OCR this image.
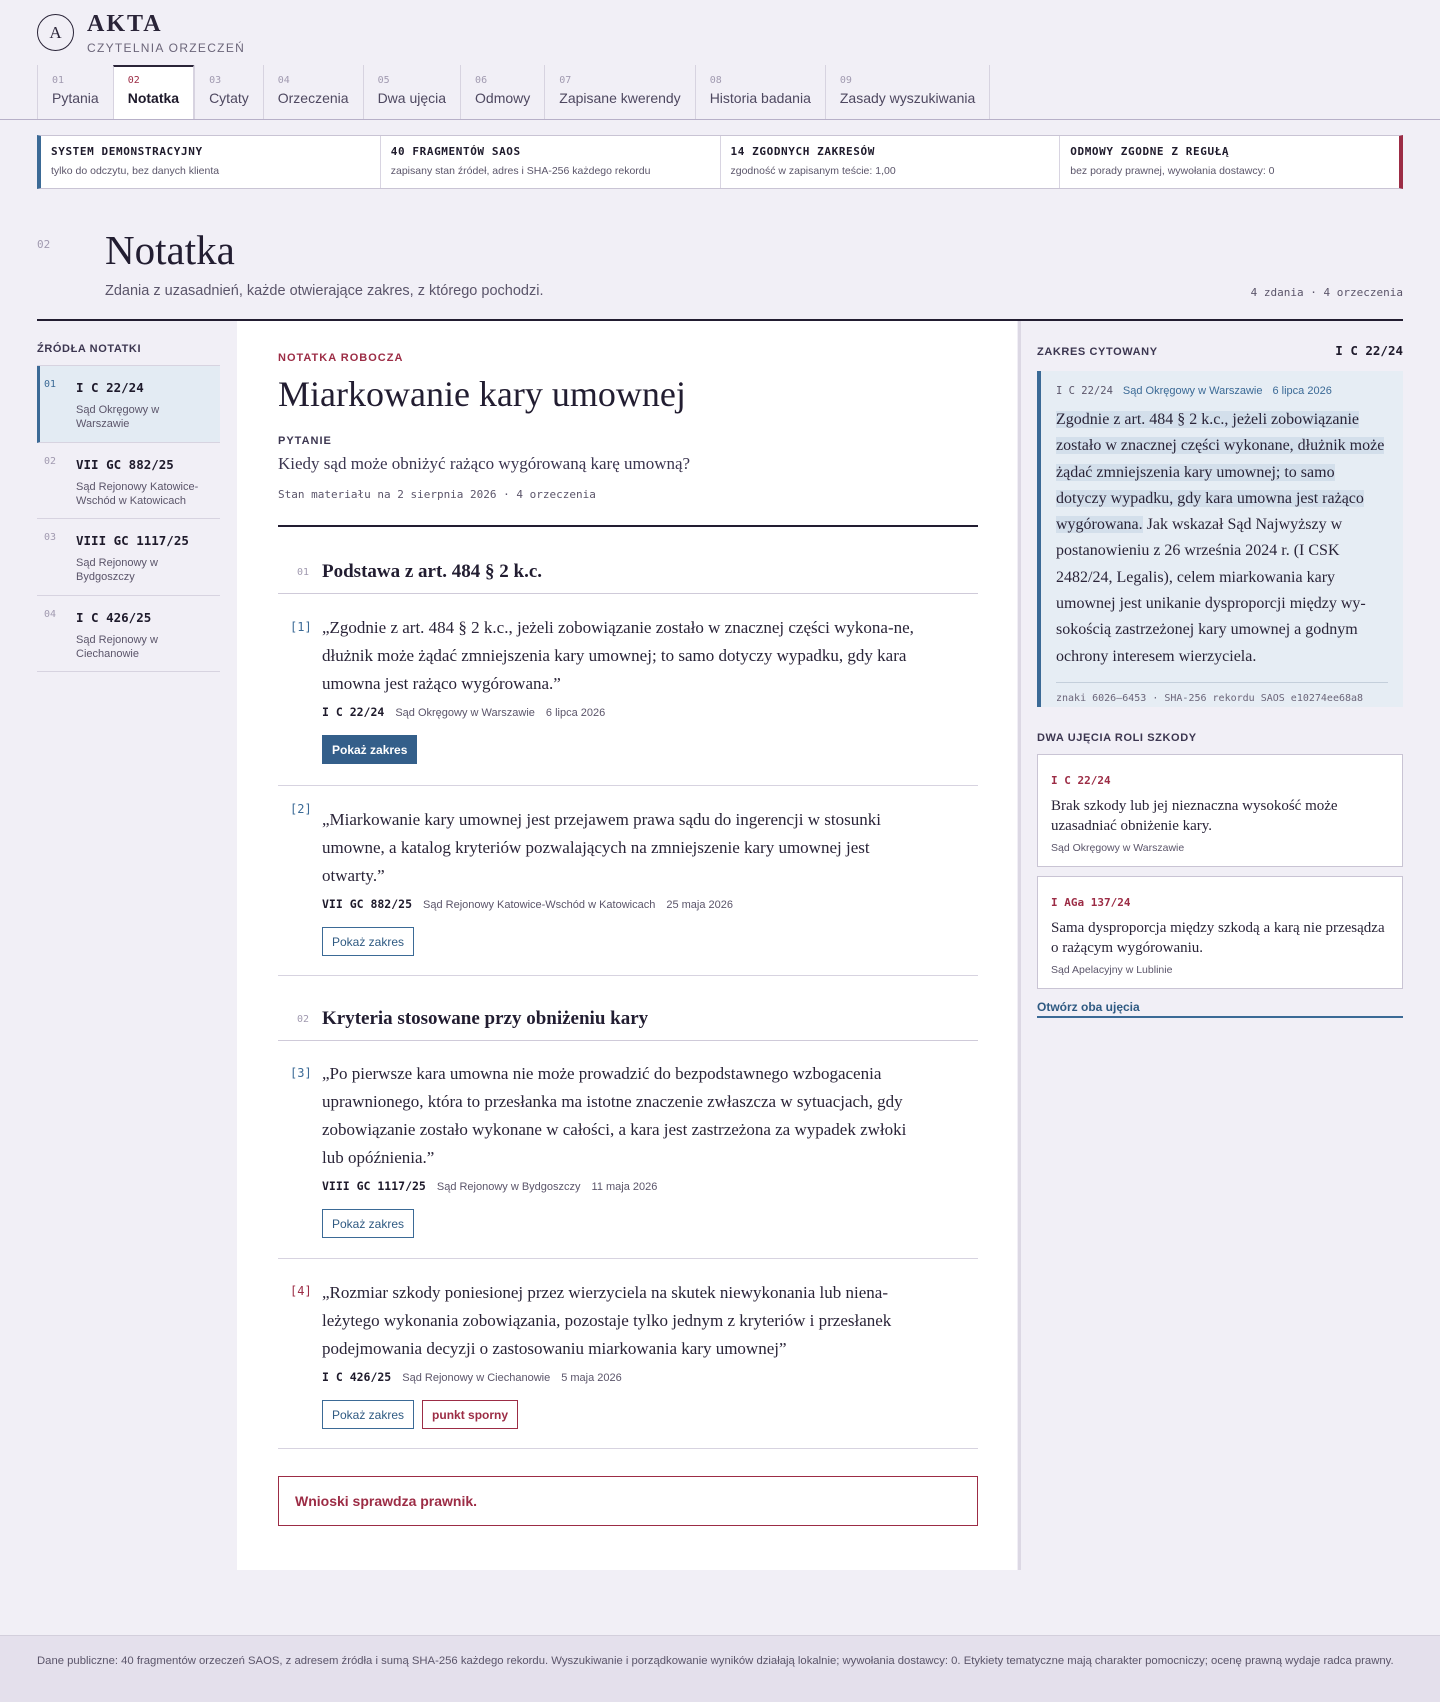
A	AKTA
CZYTELNIA ORZECZEŃ
01
Pytania
02
Notatka
03
Cytaty
04
Orzeczenia
05
Dwa ujęcia
06
Odmowy
07
Zapisane kwerendy
08
Historia badania
09
Zasady wyszukiwania
SYSTEM DEMONSTRACYJNY
tylko do odczytu, bez danych klienta
40 FRAGMENTÓW SAOS
zapisany stan źródeł, adres i SHA-256 każdego rekordu
14 ZGODNYCH ZAKRESÓW
zgodność w zapisanym teście: 1,00
ODMOWY ZGODNE Z REGUŁĄ
bez porady prawnej, wywołania dostawcy: 0
02 Notatka
Zdania z uzasadnień, każde otwierające zakres, z którego pochodzi.	4 zdania · 4 orzeczenia
ŹRÓDŁA NOTATKI
01 I C 22/24
Sąd Okręgowy w Warszawie
02 VII GC 882/25
Sąd Rejonowy Katowice-Wschód w Katowicach
03 VIII GC 1117/25
Sąd Rejonowy w Bydgoszczy
04 I C 426/25
Sąd Rejonowy w Ciechanowie
NOTATKA ROBOCZA
Miarkowanie kary umownej
PYTANIE
Kiedy sąd może obniżyć rażąco wygórowaną karę umowną?
Stan materiału na 2 sierpnia 2026 · 4 orzeczenia
01 Podstawa z art. 484 § 2 k.c.
[1] „Zgodnie z art. 484 § 2 k.c., jeżeli zobowiązanie zostało w znacznej części wykona-ne, dłużnik może żądać zmniejszenia kary umownej; to samo dotyczy wypadku, gdy kara umowna jest rażąco wygórowana.”
I C 22/24 Sąd Okręgowy w Warszawie 6 lipca 2026
Pokaż zakres
[2]
„Miarkowanie kary umownej jest przejawem prawa sądu do ingerencji w stosunki umowne, a katalog kryteriów pozwalających na zmniejszenie kary umownej jest otwarty.”
VII GC 882/25 Sąd Rejonowy Katowice-Wschód w Katowicach 25 maja 2026
Pokaż zakres
02 Kryteria stosowane przy obniżeniu kary
[3] „Po pierwsze kara umowna nie może prowadzić do bezpodstawnego wzbogacenia uprawnionego, która to przesłanka ma istotne znaczenie zwłaszcza w sytuacjach, gdy zobowiązanie zostało wykonane w całości, a kara jest zastrzeżona za wypadek zwłoki lub opóźnienia.”
VIII GC 1117/25 Sąd Rejonowy w Bydgoszczy 11 maja 2026
Pokaż zakres
[4] „Rozmiar szkody poniesionej przez wierzyciela na skutek niewykonania lub niena-leżytego wykonania zobowiązania, pozostaje tylko jednym z kryteriów i przesłanek podejmowania decyzji o zastosowaniu miarkowania kary umownej”
I C 426/25 Sąd Rejonowy w Ciechanowie 5 maja 2026
Pokaż zakres	punkt sporny
Wnioski sprawdza prawnik.
ZAKRES CYTOWANY	I C 22/24
I C 22/24 Sąd Okręgowy w Warszawie 6 lipca 2026
Zgodnie z art. 484 § 2 k.c., jeżeli zobowiązanie zostało w znacznej części wykonane, dłużnik może żądać zmniejszenia kary umownej; to samo dotyczy wypadku, gdy kara umowna jest rażąco wygórowana. Jak wskazał Sąd Najwyższy w postanowieniu z 26 września 2024 r. (I CSK 2482/24, Legalis), celem miarkowania kary umownej jest unikanie dysproporcji między wy-sokością zastrzeżonej kary umownej a godnym ochrony interesem wierzyciela.
znaki 6026–6453 · SHA-256 rekordu SAOS e10274ee68a8
DWA UJĘCIA ROLI SZKODY
I C 22/24
Brak szkody lub jej nieznaczna wysokość może uzasadniać obniżenie kary.
Sąd Okręgowy w Warszawie
I AGa 137/24
Sama dysproporcja między szkodą a karą nie przesądza o rażącym wygórowaniu.
Sąd Apelacyjny w Lublinie
Otwórz oba ujęcia
Dane publiczne: 40 fragmentów orzeczeń SAOS, z adresem źródła i sumą SHA-256 każdego rekordu. Wyszukiwanie i porządkowanie wyników działają lokalnie; wywołania dostawcy: 0. Etykiety tematyczne mają charakter pomocniczy; ocenę prawną wydaje radca prawny.
